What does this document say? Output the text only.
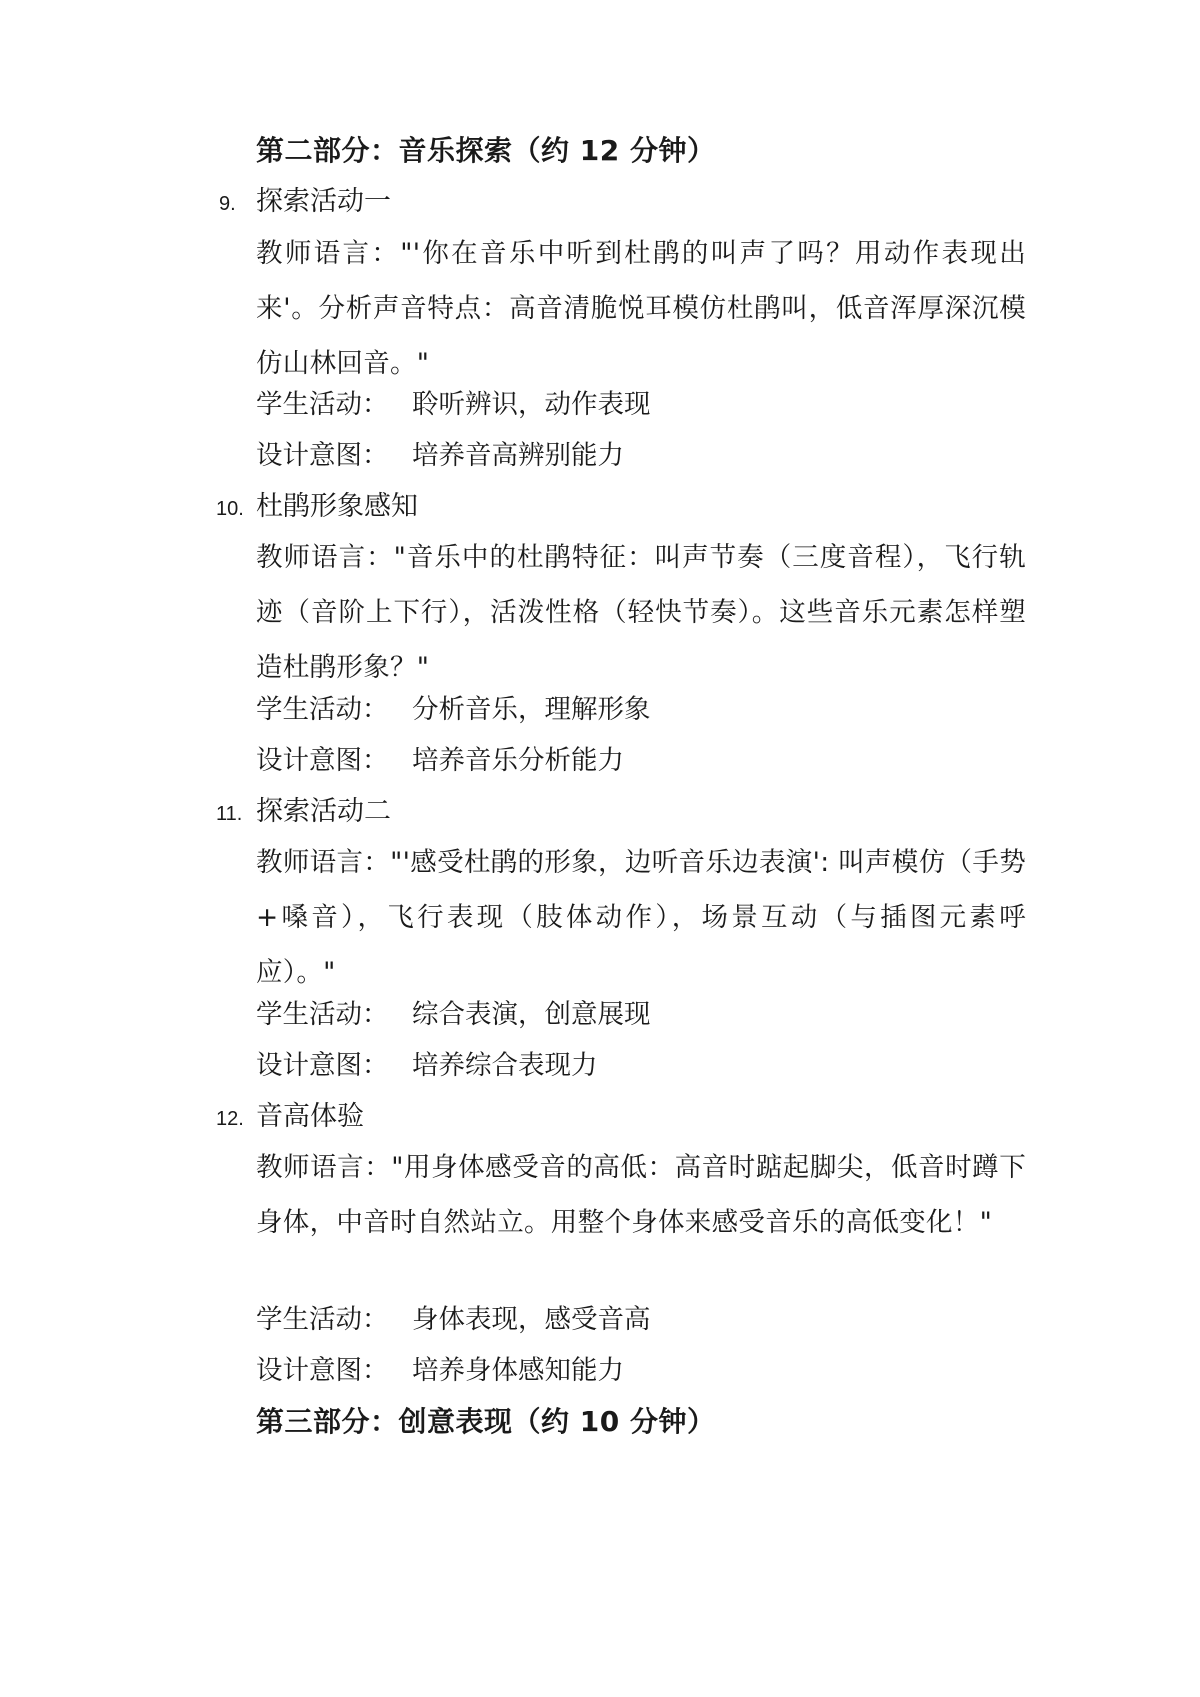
第二部分：音乐探索（约 12 分钟）
9. 探索活动一
教师语言："'你在音乐中听到杜鹃的叫声了吗？用动作表现出来'。分析声音特点：高音清脆悦耳模仿杜鹃叫，低音浑厚深沉模仿山林回音。"
学生活动： 聆听辨识，动作表现
设计意图： 培养音高辨别能力
10. 杜鹃形象感知
教师语言："音乐中的杜鹃特征：叫声节奏（三度音程），飞行轨迹（音阶上下行），活泼性格（轻快节奏）。这些音乐元素怎样塑造杜鹃形象？"
学生活动： 分析音乐，理解形象
设计意图： 培养音乐分析能力
11. 探索活动二
教师语言："'感受杜鹃的形象，边听音乐边表演': 叫声模仿（手势+嗓音），飞行表现（肢体动作），场景互动（与插图元素呼应）。"
学生活动： 综合表演，创意展现
设计意图： 培养综合表现力
12. 音高体验
教师语言："用身体感受音的高低：高音时踮起脚尖，低音时蹲下身体，中音时自然站立。用整个身体来感受音乐的高低变化！"
学生活动： 身体表现，感受音高
设计意图： 培养身体感知能力
第三部分：创意表现（约 10 分钟）
